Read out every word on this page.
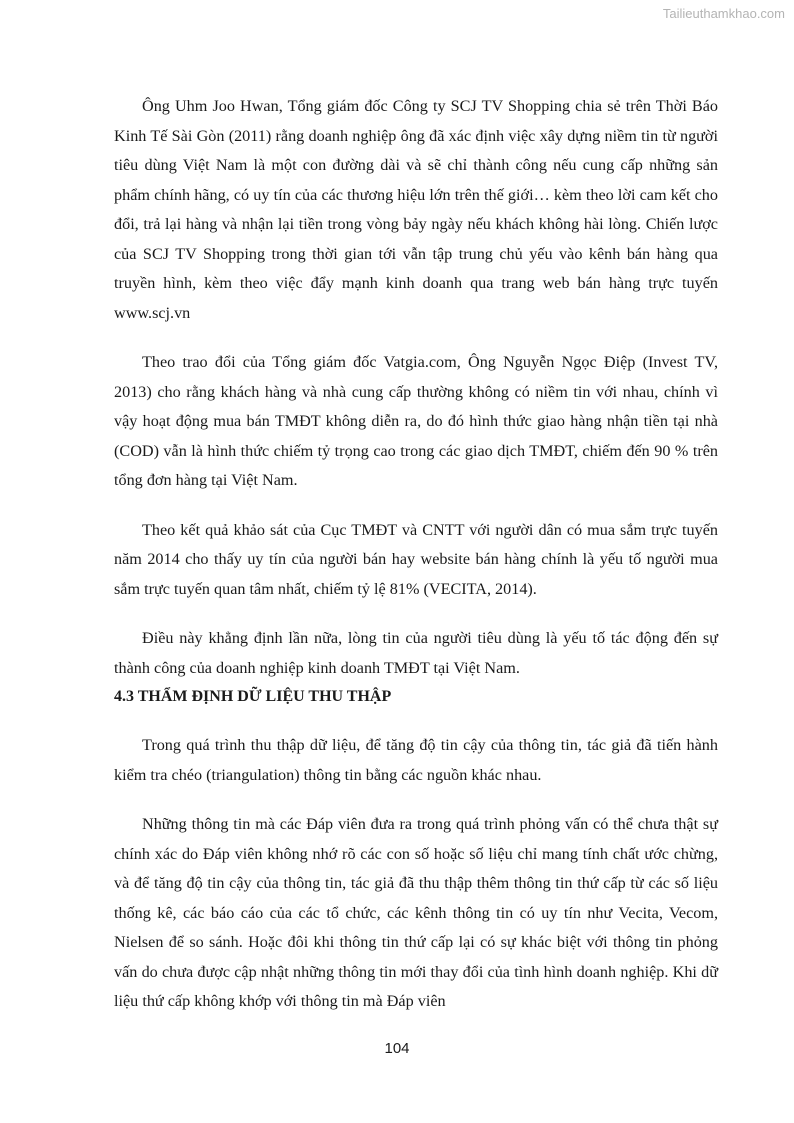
Tailieuthamkhao.com

Ông Uhm Joo Hwan, Tổng giám đốc Công ty SCJ TV Shopping chia sẻ trên Thời Báo Kinh Tế Sài Gòn (2011) rằng doanh nghiệp ông đã xác định việc xây dựng niềm tin từ người tiêu dùng Việt Nam là một con đường dài và sẽ chỉ thành công nếu cung cấp những sản phẩm chính hãng, có uy tín của các thương hiệu lớn trên thế giới… kèm theo lời cam kết cho đổi, trả lại hàng và nhận lại tiền trong vòng bảy ngày nếu khách không hài lòng. Chiến lược của SCJ TV Shopping trong thời gian tới vẫn tập trung chủ yếu vào kênh bán hàng qua truyền hình, kèm theo việc đẩy mạnh kinh doanh qua trang web bán hàng trực tuyến www.scj.vn

Theo trao đổi của Tổng giám đốc Vatgia.com, Ông Nguyễn Ngọc Điệp (Invest TV, 2013) cho rằng khách hàng và nhà cung cấp thường không có niềm tin với nhau, chính vì vậy hoạt động mua bán TMĐT không diễn ra, do đó hình thức giao hàng nhận tiền tại nhà (COD) vẫn là hình thức chiếm tỷ trọng cao trong các giao dịch TMĐT, chiếm đến 90 % trên tổng đơn hàng tại Việt Nam.

Theo kết quả khảo sát của Cục TMĐT và CNTT với người dân có mua sắm trực tuyến năm 2014 cho thấy uy tín của người bán hay website bán hàng chính là yếu tố người mua sắm trực tuyến quan tâm nhất, chiếm tỷ lệ 81% (VECITA, 2014).

Điều này khẳng định lần nữa, lòng tin của người tiêu dùng là yếu tố tác động đến sự thành công của doanh nghiệp kinh doanh TMĐT tại Việt Nam.

4.3 THẨM ĐỊNH DỮ LIỆU THU THẬP

Trong quá trình thu thập dữ liệu, để tăng độ tin cậy của thông tin, tác giả đã tiến hành kiểm tra chéo (triangulation) thông tin bằng các nguồn khác nhau.

Những thông tin mà các Đáp viên đưa ra trong quá trình phỏng vấn có thể chưa thật sự chính xác do Đáp viên không nhớ rõ các con số hoặc số liệu chỉ mang tính chất ước chừng, và để tăng độ tin cậy của thông tin, tác giả đã thu thập thêm thông tin thứ cấp từ các số liệu thống kê, các báo cáo của các tổ chức, các kênh thông tin có uy tín như Vecita, Vecom, Nielsen để so sánh. Hoặc đôi khi thông tin thứ cấp lại có sự khác biệt với thông tin phỏng vấn do chưa được cập nhật những thông tin mới thay đổi của tình hình doanh nghiệp. Khi dữ liệu thứ cấp không khớp với thông tin mà Đáp viên

104
